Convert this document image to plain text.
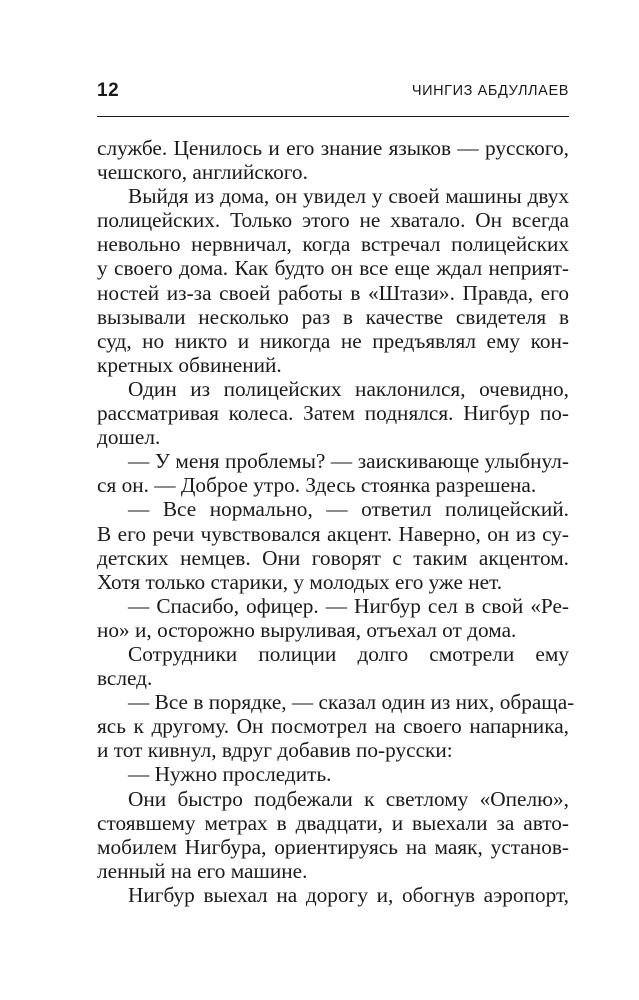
12	ЧИНГИЗ АБДУЛЛАЕВ
службе. Ценилось и его знание языков — русского,
чешского, английского.
Выйдя из дома, он увидел у своей машины двух
полицейских. Только этого не хватало. Он всегда
невольно нервничал, когда встречал полицейских
у своего дома. Как будто он все еще ждал неприят-
ностей из-за своей работы в «Штази». Правда, его
вызывали несколько раз в качестве свидетеля в
суд, но никто и никогда не предъявлял ему кон-
кретных обвинений.
Один из полицейских наклонился, очевидно,
рассматривая колеса. Затем поднялся. Нигбур по-
дошел.
— У меня проблемы? — заискивающе улыбнул-
ся он. — Доброе утро. Здесь стоянка разрешена.
— Все нормально, — ответил полицейский.
В его речи чувствовался акцент. Наверно, он из су-
детских немцев. Они говорят с таким акцентом.
Хотя только старики, у молодых его уже нет.
— Спасибо, офицер. — Нигбур сел в свой «Ре-
но» и, осторожно выруливая, отъехал от дома.
Сотрудники полиции долго смотрели ему
вслед.
— Все в порядке, — сказал один из них, обраща-
ясь к другому. Он посмотрел на своего напарника,
и тот кивнул, вдруг добавив по-русски:
— Нужно проследить.
Они быстро подбежали к светлому «Опелю»,
стоявшему метрах в двадцати, и выехали за авто-
мобилем Нигбура, ориентируясь на маяк, установ-
ленный на его машине.
Нигбур выехал на дорогу и, обогнув аэропорт,
